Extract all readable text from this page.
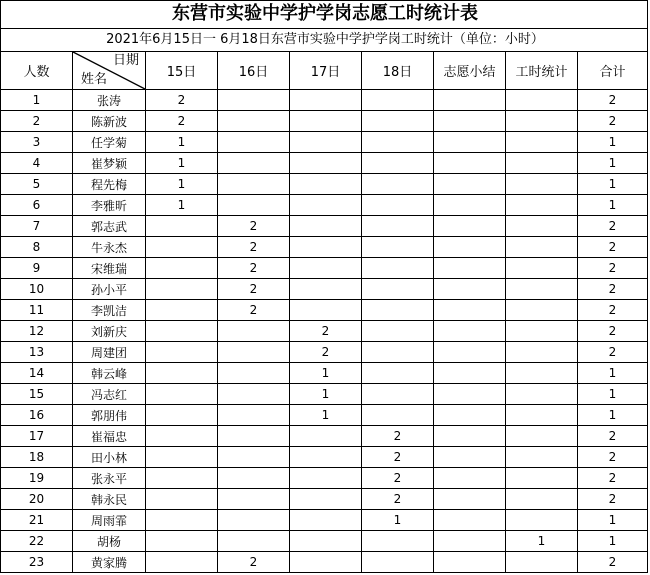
东营市实验中学护学岗志愿工时统计表
2021年6月15日一 6月18日东营市实验中学护学岗工时统计（单位：小时）
人数	日期
姓名	15日	16日	17日	18日	志愿小结	工时统计	合计
1	张涛	2						2
2	陈新波	2						2
3	任学菊	1						1
4	崔梦颖	1						1
5	程先梅	1						1
6	李雅昕	1						1
7	郭志武		2					2
8	牛永杰		2					2
9	宋维瑞		2					2
10	孙小平		2					2
11	李凯洁		2					2
12	刘新庆			2				2
13	周建团			2				2
14	韩云峰			1				1
15	冯志红			1				1
16	郭朋伟			1				1
17	崔福忠				2			2
18	田小林				2			2
19	张永平				2			2
20	韩永民				2			2
21	周雨霏				1			1
22	胡杨						1	1
23	黄家腾		2					2
